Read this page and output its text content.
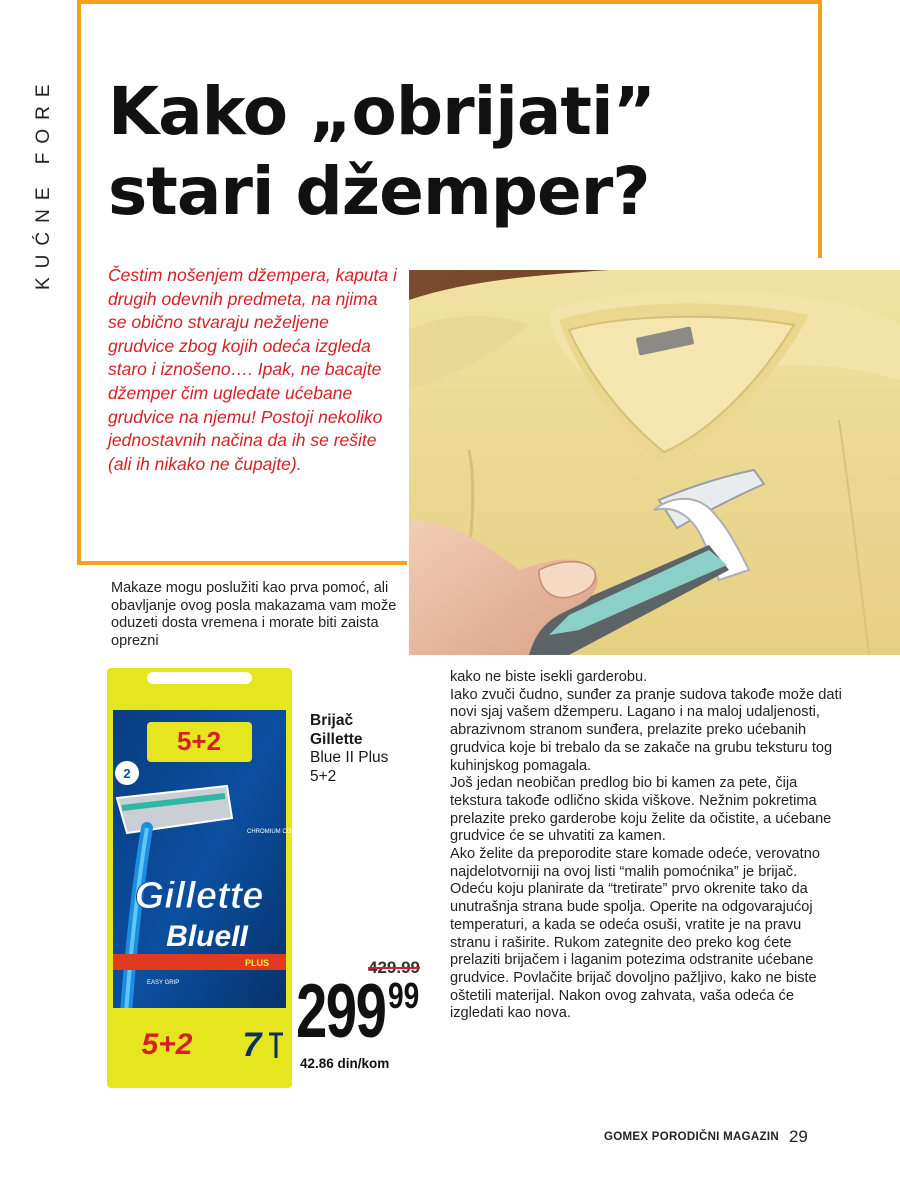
KUĆNE FORE Kako „obrijati”
stari džemper?

Čestim nošenjem džempera, kaputa i drugih odevnih predmeta, na njima se obično stvaraju neželjene grudvice zbog kojih odeća izgleda staro i iznošeno…. Ipak, ne bacajte džemper čim ugledate ućebane grudvice na njemu! Postoji nekoliko jednostavnih načina da ih se rešite (ali ih nikako ne čupajte).

Makaze mogu poslužiti kao prva pomoć, ali obavljanje ovog posla makazama vam može oduzeti dosta vremena i morate biti zaista oprezni

5+2
2
CHROMIUM COATING
Gillette
BlueII
PLUS
EASY GRIP
5+2 7
Brijač
Gillette
Blue II Plus
5+2
429.99
299 99
42.86 din/kom

kako ne biste isekli garderobu.

Iako zvuči čudno, sunđer za pranje sudova takođe može dati novi sjaj vašem džemperu. Lagano i na maloj udaljenosti, abrazivnom stranom sunđera, prelazite preko ućebanih grudvica koje bi trebalo da se zakače na grubu teksturu tog kuhinjskog pomagala.

Još jedan neobičan predlog bio bi kamen za pete, čija tekstura takođe odlično skida viškove. Nežnim pokretima prelazite preko garderobe koju želite da očistite, a ućebane grudvice će se uhvatiti za kamen.

Ako želite da preporodite stare komade odeće, verovatno najdelotvorniji na ovoj listi “malih pomoćnika” je brijač. Odeću koju planirate da “tretirate” prvo okrenite tako da unutrašnja strana bude spolja. Operite na odgovarajućoj temperaturi, a kada se odeća osuši, vratite je na pravu stranu i raširite. Rukom zategnite deo preko kog ćete prelaziti brijačem i laganim potezima odstranite ućebane grudvice. Povlačite brijač dovoljno pažljivo, kako ne biste oštetili materijal. Nakon ovog zahvata, vaša odeća će izgledati kao nova.

GOMEX PORODIČNI MAGAZIN 29
